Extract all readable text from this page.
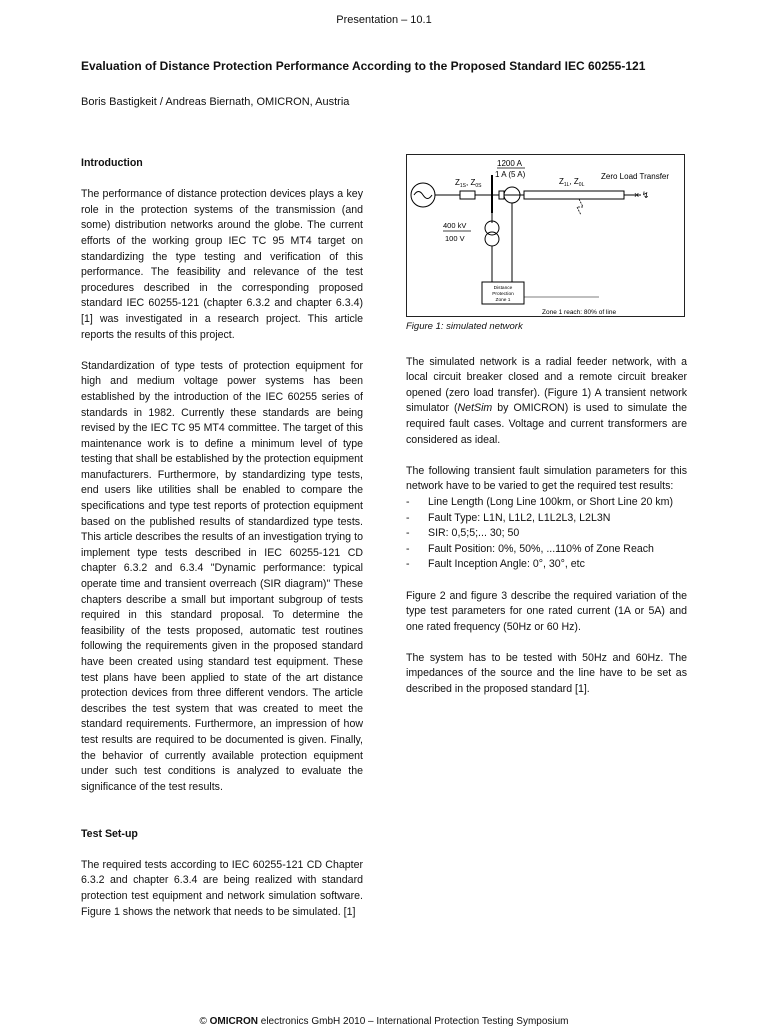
Presentation – 10.1
Evaluation of Distance Protection Performance According to the Proposed Standard IEC 60255-121
Boris Bastigkeit / Andreas Biernath, OMICRON, Austria

Introduction

The performance of distance protection devices plays a key role in the protection systems of the transmission (and some) distribution networks around the globe. The current efforts of the working group IEC TC 95 MT4 target on standardizing the type testing and verification of this performance. The feasibility and relevance of the test procedures described in the corresponding proposed standard IEC 60255-121 (chapter 6.3.2 and chapter 6.3.4) [1] was investigated in a research project. This article reports the results of this project.

Standardization of type tests of protection equipment for high and medium voltage power systems has been established by the introduction of the IEC 60255 series of standards in 1982. Currently these standards are being revised by the IEC TC 95 MT4 committee. The target of this maintenance work is to define a minimum level of type testing that shall be established by the protection equipment manufacturers. Furthermore, by standardizing type tests, end users like utilities shall be enabled to compare the specifications and type test reports of protection equipment based on the published results of standardized type tests. This article describes the results of an investigation trying to implement type tests described in IEC 60255-121 CD chapter 6.3.2 and 6.3.4 "Dynamic performance: typical operate time and transient overreach (SIR diagram)" These chapters describe a small but important subgroup of tests required in this standard proposal. To determine the feasibility of the tests proposed, automatic test routines following the requirements given in the proposed standard have been created using standard test equipment. These test plans have been applied to state of the art distance protection devices from three different vendors. The article describes the test system that was created to meet the standard requirements. Furthermore, an impression of how test results are required to be documented is given. Finally, the behavior of currently available protection equipment under such test conditions is analyzed to evaluate the significance of the test results.

Test Set-up

The required tests according to IEC 60255-121 CD Chapter 6.3.2 and chapter 6.3.4 are being realized with standard protection test equipment and network simulation software. Figure 1 shows the network that needs to be simulated. [1]

× ↯
1200 A
1 A (5 A)
$Z_{1S}$, $Z_{0S}$	$Z_{1L}$, $Z_{0L}$
Zero Load Transfer
400 kV
100 V
Distance
Protection
Zone 1
Zone 1 reach: 80% of line
Figure 1: simulated network

The simulated network is a radial feeder network, with a local circuit breaker closed and a remote circuit breaker opened (zero load transfer). (Figure 1) A transient network simulator (NetSim by OMICRON) is used to simulate the required fault cases. Voltage and current transformers are considered as ideal.

The following transient fault simulation parameters for this network have to be varied to get the required test results:

- Line Length (Long Line 100km, or Short Line 20 km)
- Fault Type: L1N, L1L2, L1L2L3, L2L3N
- SIR: 0,5;5;... 30; 50
- Fault Position: 0%, 50%, ...110% of Zone Reach
- Fault Inception Angle: 0°, 30°, etc

Figure 2 and figure 3 describe the required variation of the type test parameters for one rated current (1A or 5A) and one rated frequency (50Hz or 60 Hz).

The system has to be tested with 50Hz and 60Hz. The impedances of the source and the line have to be set as described in the proposed standard [1].

© OMICRON electronics GmbH 2010 – International Protection Testing Symposium
